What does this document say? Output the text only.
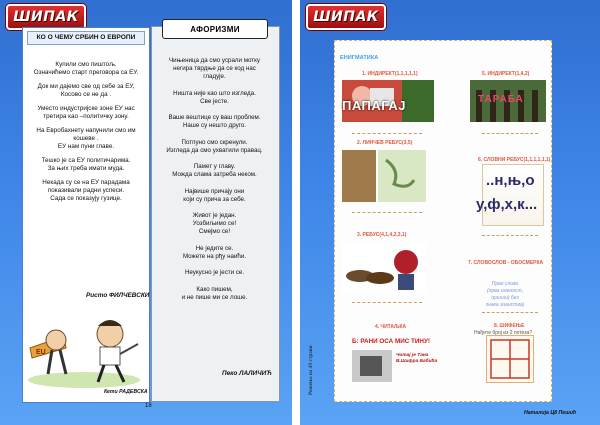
ШИПАК	ШИПАК
КО О ЧЕМУ СРБИН О ЕВРОПИ

Купили смо пиштољ.
Означићемо старт преговора са ЕУ.

Док ми дајемо све од себе за ЕУ,
Косово се не да .

Уместо индустријске зоне ЕУ нас
третира као –политичку зону.

На Евробахнету напунили смо им
кошеве .
ЕУ нам пуни главе.

Тешко је са ЕУ политичарима.
За њих треба имати муда.

Некада су се на ЕУ парадама
показивали радни успеси.
Сада се показују гузице.

Ристо ФИЛЧЕВСКИ
EU
Кети РАДЕВСКА
АФОРИЗМИ

Чињеница да смо усрали мотку
негира тврдње да се код нас
гладује.

Ништа није као што изгледа.
Све јесте.

Ваше вештице су ваш проблем.
Наше су нешто друго.

Потпуно смо скренули.
Изгледа да смо ухватили правац.

Памет у главу.
Можда слама затреба неком.

Највише причају они
који су прича за себе.

Живот је један.
Уозбиљимо се!
Смејмо се!

Не једите се.
Можете на рђу наићи.

Неукусно је јести се.

Како пишем,
и не пише ми се лоше.

Пеко ЛАЛИЧИЋ
18
ЕНИГМАТИКА
1. ИНДИРЕКТ(1,1,1,1,1)
ПАПАГАЈ
2. ЛИНЧЕВ РЕБУС(3,5)
3. РЕБУС(4,1,4,2,3,1)
4. ЧИТАЉКА
Б: РАНИ ОСА МИС ТИНУ!
Читај је Тана
В.Шифра Бабића
5. ИНДИРЕКТ(1,4,2)
ТАРАБА
6. СЛОВНИ РЕБУС(1,1,1,1,1,1)
..н,њ,о
у,ф,х,к...
7. СЛОВОСЛОВ - ОБОСМЕРКА
Прво слово
(прва сменост,
оршиш) без
знака знанства)
8. ШИФЕЊЕ
Нађите број из 2 потеза?
Решења на 49 страни
Наталија Ц8 Пешић
